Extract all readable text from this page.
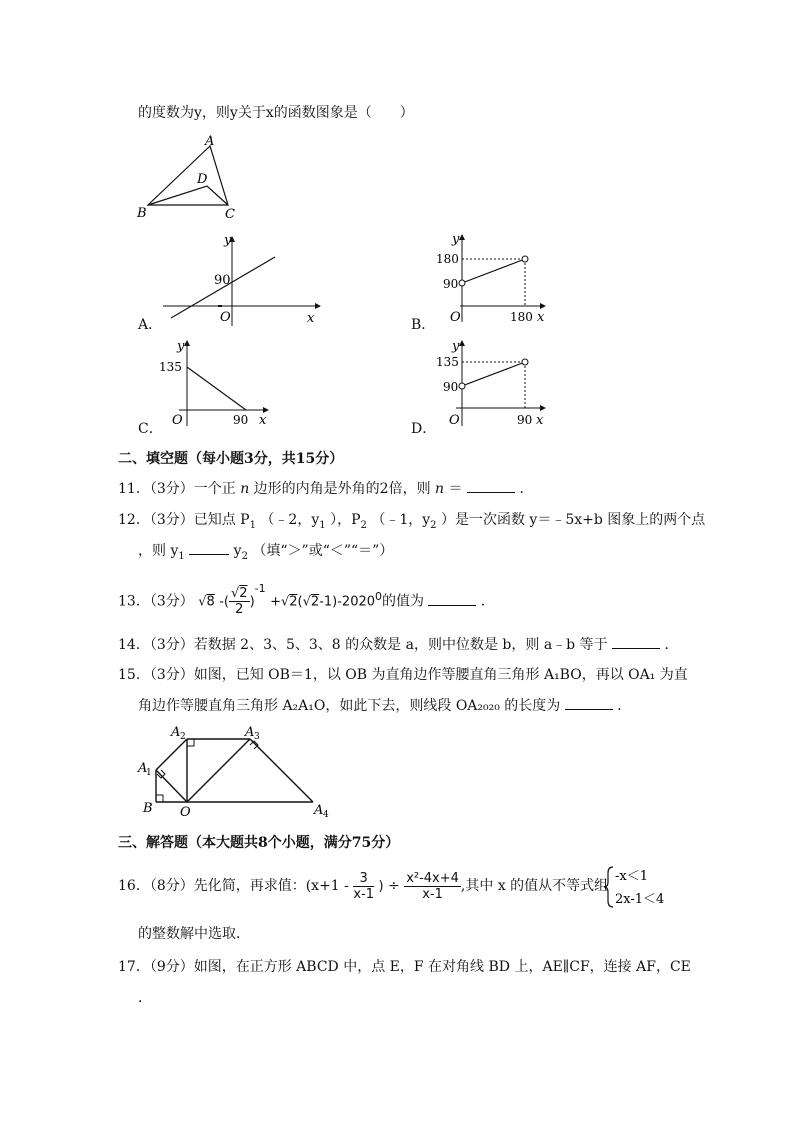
的度数为y，则y关于x的函数图象是（　　）
A
B	C
D
A．
y
x
O
90
B．
y
x
O
180
90
180
C．
y
x
O
135
90
D．
y
x
O
135
90
90
二、填空题（每小题3分，共15分）
11．（3分）一个正 n 边形的内角是外角的2倍，则 n ＝	．
12．（3分）已知点 $P_1$ （﹣2，$y_1$ ），$P_2$ （﹣1，$y_2$ ）是一次函数 y＝﹣5x+b 图象上的两个点
，则 $y_1$	$y_2$ （填“＞”或“＜”“＝”）
13．（3分） √8 -( $\frac{√2}{2} )^{-1} +√2(√2-1)-2020^0$的值为	．
14．（3分）若数据 2、3、5、3、8 的众数是 a，则中位数是 b，则 a﹣b 等于	．
15．（3分）如图，已知 OB＝1，以 OB 为直角边作等腰直角三角形 A₁BO，再以 OA₁ 为直
角边作等腰直角三角形 A₂A₁O，如此下去，则线段 OA₂₀₂₀ 的长度为	．
A
1
A 2	A 3
A 4
B O
三、解答题（本大题共8个小题，满分75分）
16．（8分）先化简，再求值：($x+1 - \frac{3}{x-1}$ ) ÷ $\frac{\text{x²-4x+4}}{x-1}$ ,其中 x 的值从不等式组
-x＜1
2x-1＜4
的整数解中选取．
17．（9分）如图，在正方形 ABCD 中，点 E，F 在对角线 BD 上，AE∥CF，连接 AF，CE
．
